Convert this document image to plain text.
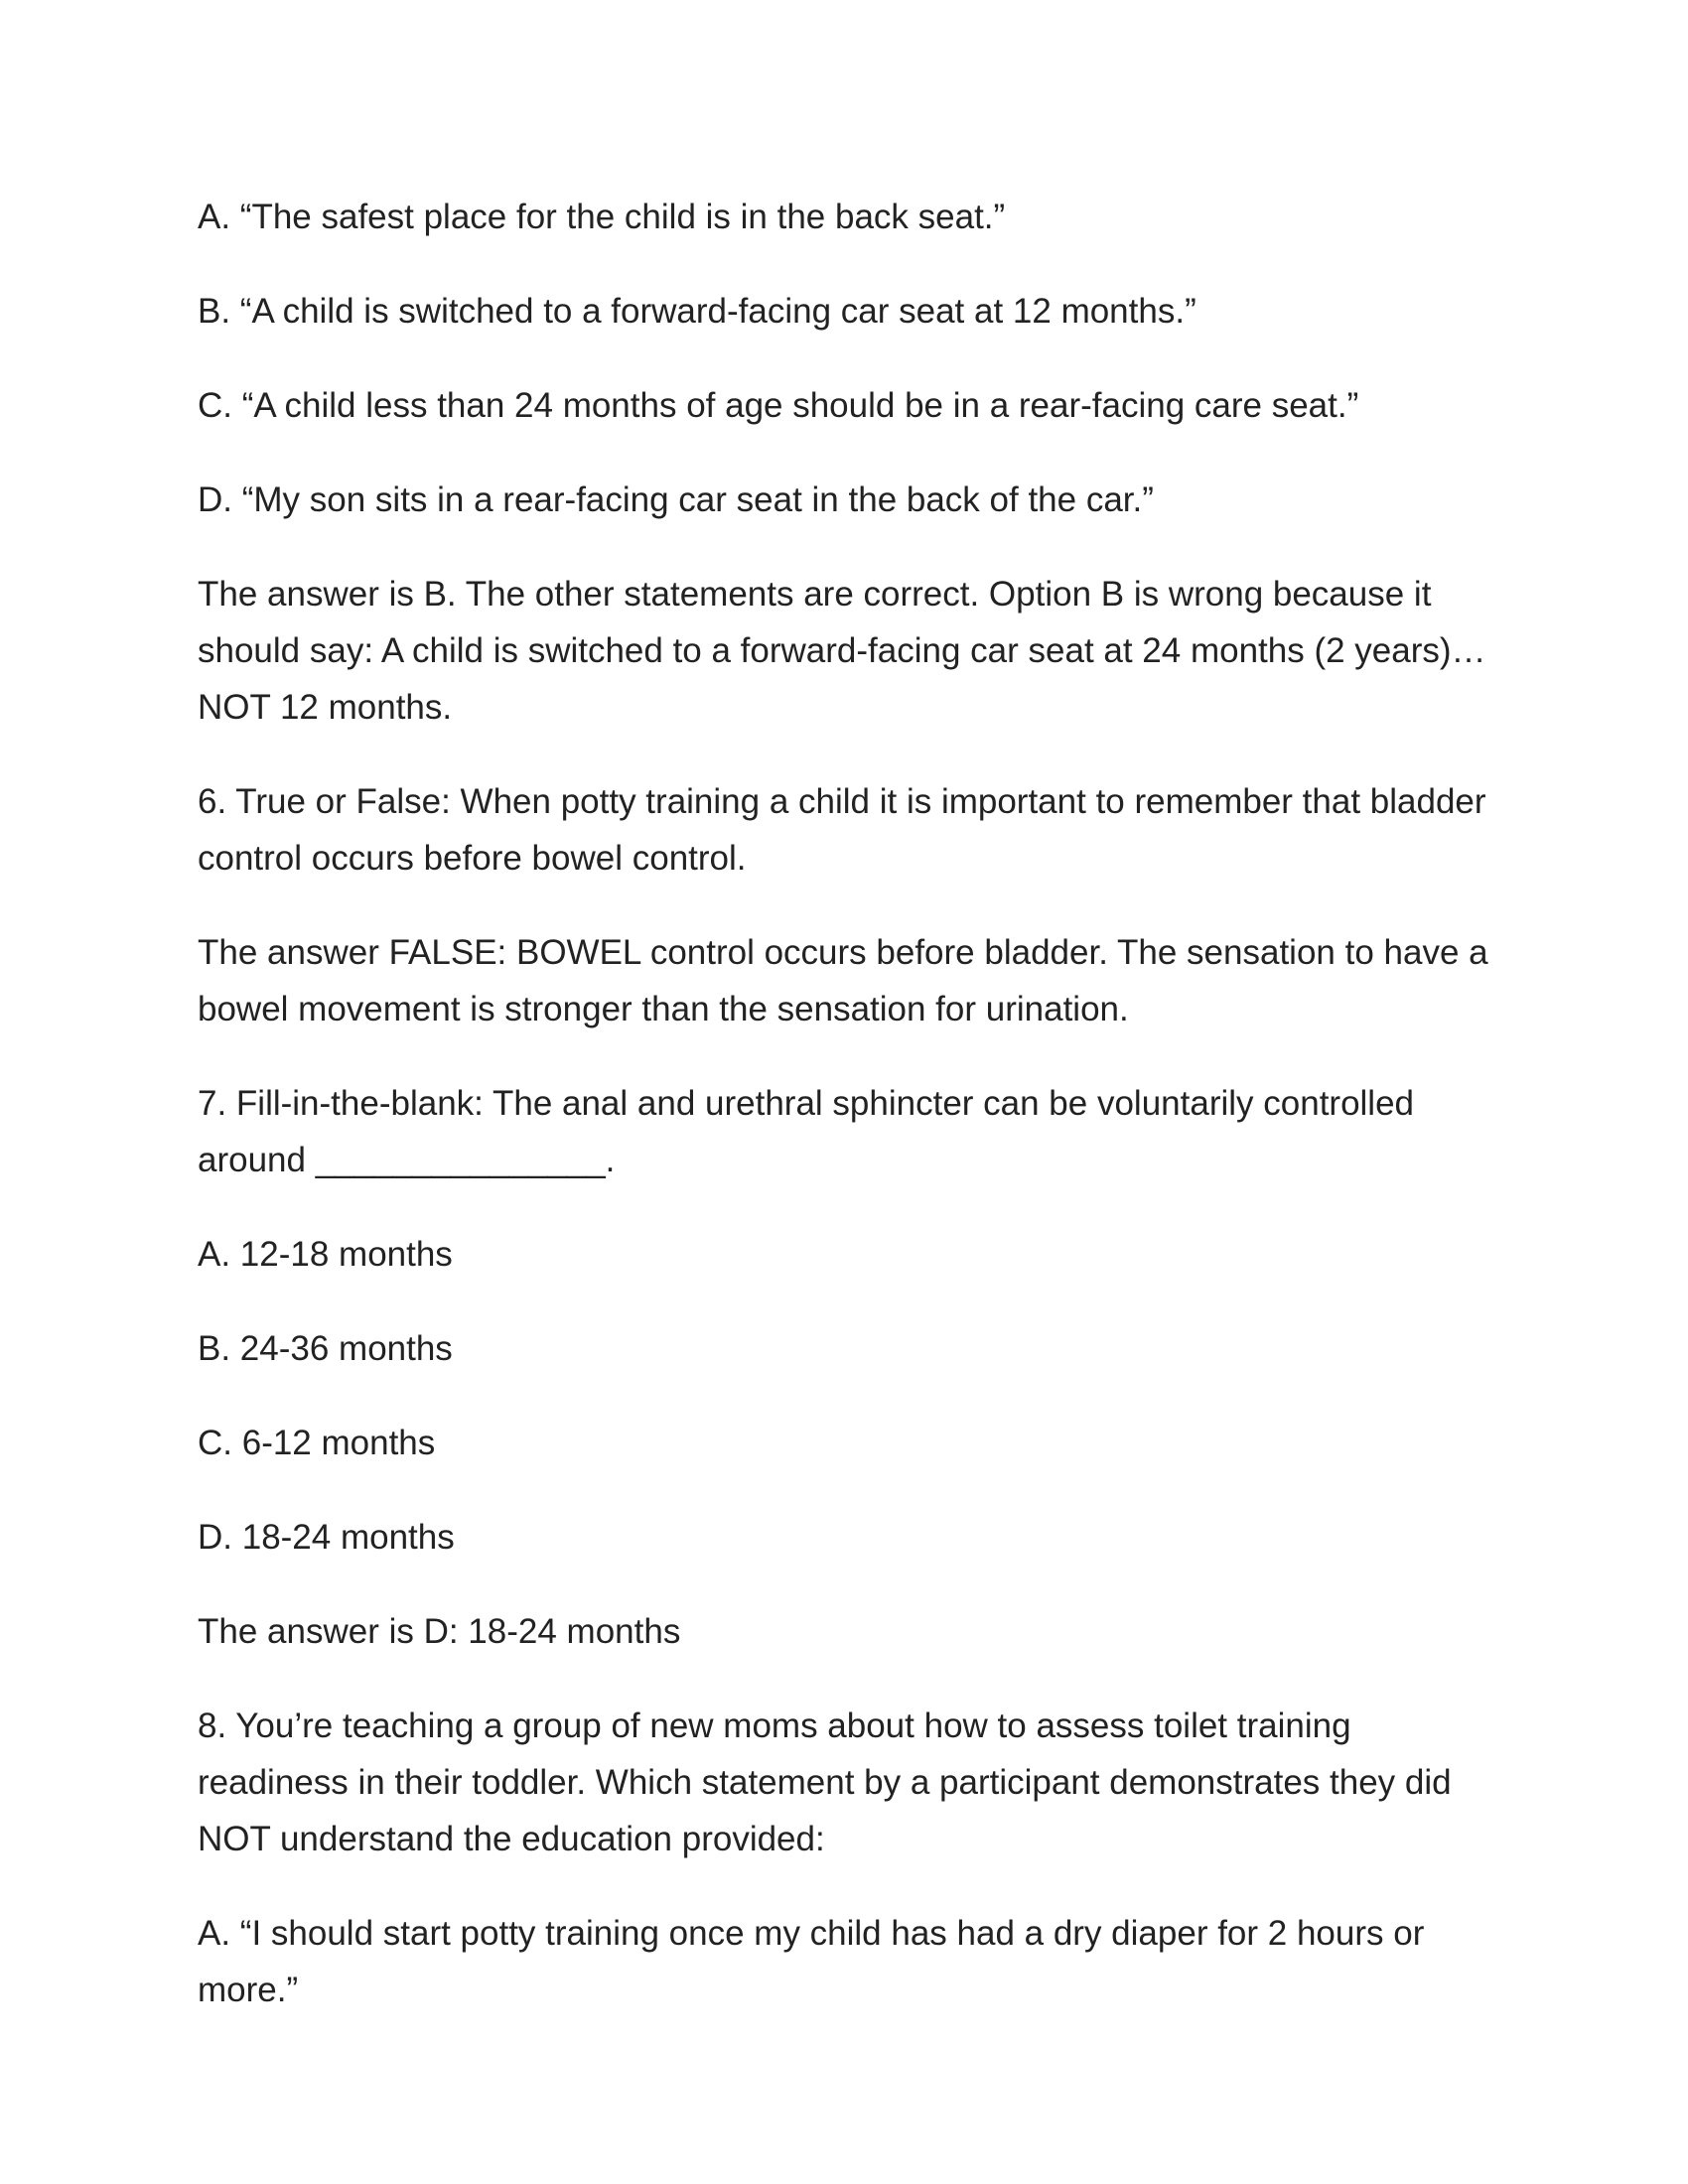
A. “The safest place for the child is in the back seat.”

B. “A child is switched to a forward-facing car seat at 12 months.”

C. “A child less than 24 months of age should be in a rear-facing care seat.”

D. “My son sits in a rear-facing car seat in the back of the car.”

The answer is B. The other statements are correct. Option B is wrong because it should say: A child is switched to a forward-facing car seat at 24 months (2 years)…NOT 12 months.

6. True or False: When potty training a child it is important to remember that bladder control occurs before bowel control.

The answer FALSE: BOWEL control occurs before bladder. The sensation to have a bowel movement is stronger than the sensation for urination.

7. Fill-in-the-blank: The anal and urethral sphincter can be voluntarily controlled around _______________.

A. 12-18 months

B. 24-36 months

C. 6-12 months

D. 18-24 months

The answer is D: 18-24 months

8. You’re teaching a group of new moms about how to assess toilet training readiness in their toddler. Which statement by a participant demonstrates they did NOT understand the education provided:

A. “I should start potty training once my child has had a dry diaper for 2 hours or more.”
